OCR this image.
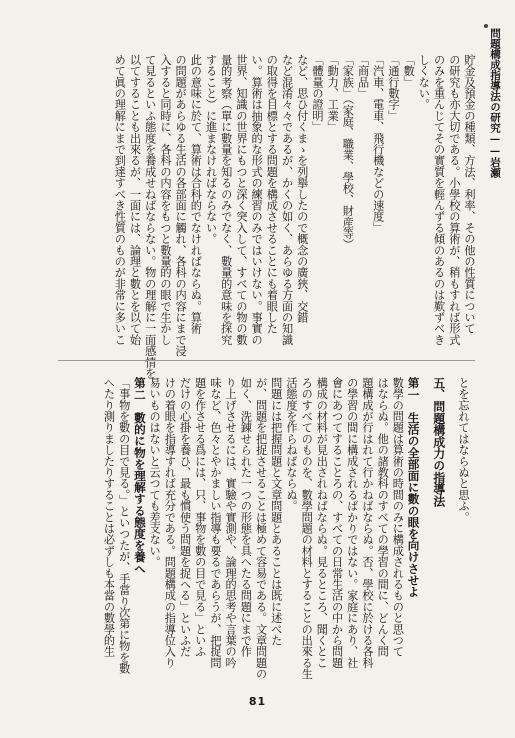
問題構成指導法の研究——岩瀬
貯金及預金の種類、方法、利率、その他の性質について
の研究も亦大切である。小學校の算術が、稍もすれば形式
のみを重んじてその實質を輕んずる傾のあるのは歎ずべき
しくない。
「數」
「通行數字」
「汽車、電車、飛行機などの速度」
「商品」
「家族」（家庭、職業、學校、財産等）
「動力、工業」
「體量の證明」
など、思ひ付くまゝを列擧したので概念の廣狹、交錯
など混淆々々であるが、かくの如く、あらゆる方面の知識
の取得を目標とする問題を構成させることにも着眼した
い。算術は抽象的な形式の練習のみではいけない。事實の
世界、知識の世界にもつと深く突入して、すべての物の數
量的考察（單に數量を知るのみでなく、數量的意味を探究
すること）に進まなければならない。
此の意味に於て、算術は合科的でなければならぬ。算術
の問題があらゆる生活の各部面に觸れ、各科の内容にまで浸
入すると同時に、各科の内容をもつと數量的の眼で生かし
て見るといふ態度を養成せねばならない。物の理解に一面感情を
以てすることも出來るが、一面には、論理と數とを以て始
めて眞の理解にまで到達すべき性質のものが非常に多いこ
とを忘れてはならぬと思ふ。
五、問題構成力の指導法
第一　生活の全部面に數の眼を向けさせよ
數學の問題は算術の時間のみに構成されるものと思つて
はならぬ。他の諸教科のすべての學習の間に、どんく問
題構成が行はれて行かねばならぬ。否、學校に於ける各科
の學習の間に構成されるばかりではない。家庭にあり、社
會にあつてすることろの、すべての日常生活の中から問題
構成の材料が見出されねばならぬ。見るところ、聞くとこ
ろのすべてのものを、數學問題の材料とすることの出來る生
活態度を作らねばならぬ。
問題には把握問題と文章問題とあることは既に述べた
が、問題を把捉させることは極めて容易である。文章問題の
如く、洗錬せられた一つの形態を具へたる問題にまで作
り上げさせるには、實驗や實測や、論理的思考や言葉の吟
味など、色々とやかましい指導も要るであらうが、把捉問
題を作させる爲には、只、事物を數の目で見る」といふ
だけの心掛を養ひ、最も慣使う問題を捉へる」といふだ
けの着眼を指導すれば充分である。問題構成の指導位入り
易いものはないと云つても差支ない。
第二　數的に物を理解する態度を養へ
「事物を數の目で見る。」といつたが、手當り次第に物を數
へたり測りましたりすることは必ずしも本當の數學的生
81
